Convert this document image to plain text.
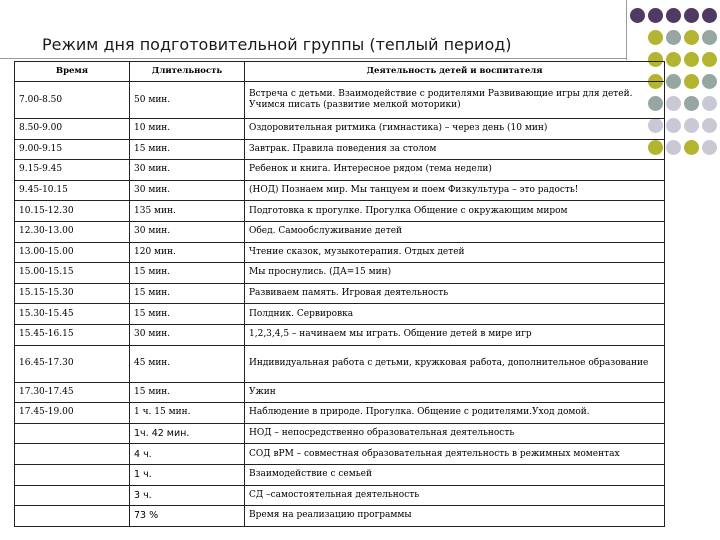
Режим дня подготовительной группы (теплый период)
Время	Длительность	Деятельность детей и воспитателя
7.00-8.50	50 мин.	Встреча с детьми. Взаимодействие с родителями Развивающие игры для детей. Учимся писать (развитие мелкой моторики)
8.50-9.00	10 мин.	Оздоровительная ритмика (гимнастика) – через день (10 мин)
9.00-9.15	15 мин.	Завтрак. Правила поведения за столом
9.15-9.45	30 мин.	Ребенок и книга. Интересное рядом (тема недели)
9.45-10.15	30 мин.	(НОД) Познаем мир. Мы танцуем и поем Физкультура – это радость!
10.15-12.30	135 мин.	Подготовка к прогулке. Прогулка Общение с окружающим миром
12.30-13.00	30 мин.	Обед. Самообслуживание детей
13.00-15.00	120 мин.	Чтение сказок, музыкотерапия. Отдых детей
15.00-15.15	15 мин.	Мы проснулись. (ДА=15 мин)
15.15-15.30	15 мин.	Развиваем память. Игровая деятельность
15.30-15.45	15 мин.	Полдник. Сервировка
15.45-16.15	30 мин.	1,2,3,4,5 – начинаем мы играть. Общение детей в мире игр
16.45-17.30	45 мин.	Индивидуальная работа с детьми, кружковая работа, дополнительное образование
17.30-17.45	15 мин.	Ужин
17.45-19.00	1 ч. 15 мин.	Наблюдение в природе. Прогулка. Общение с родителями.Уход домой.
	1ч. 42 мин.	НОД – непосредственно образовательная деятельность
	4 ч.	СОД вРМ – совместная образовательная деятельность в режимных моментах
	1 ч.	Взаимодействие с семьей
	3 ч.	СД –самостоятельная деятельность
	73 %	Время на реализацию программы
